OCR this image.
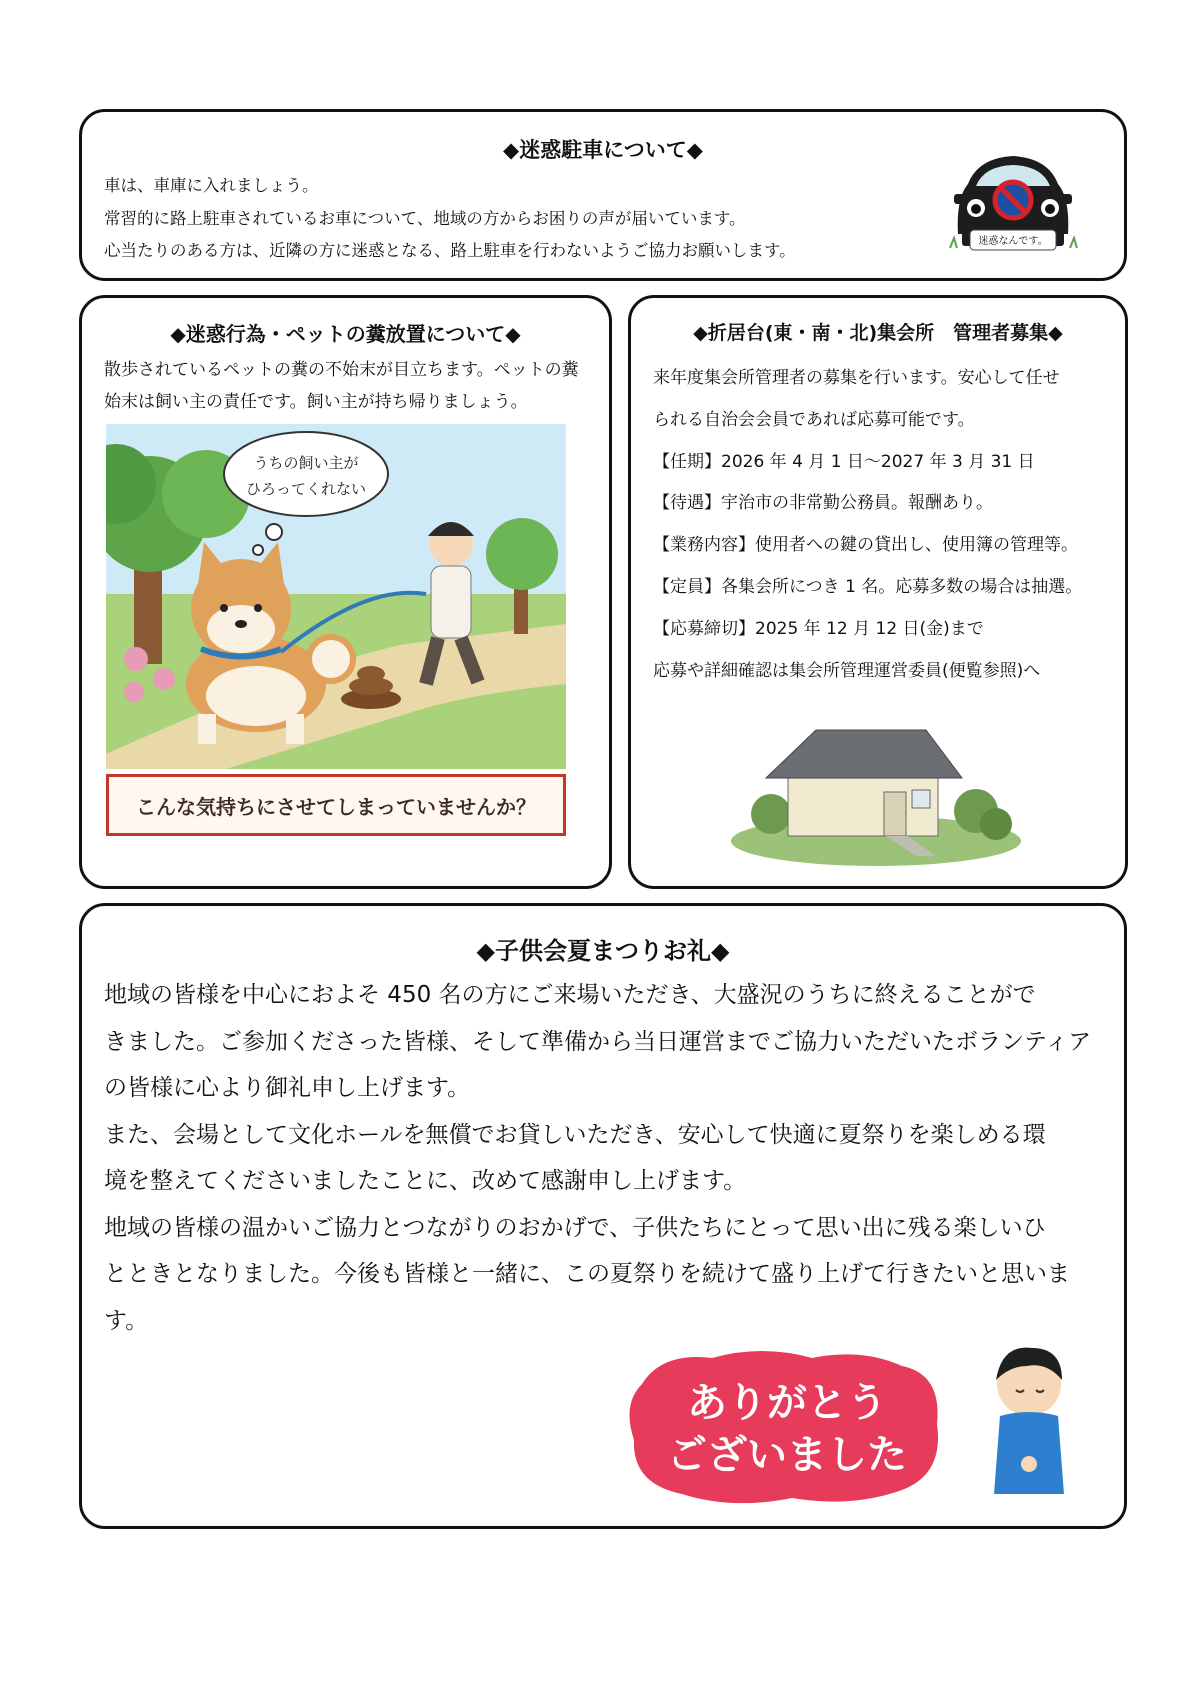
◆迷惑駐車について◆
車は、車庫に入れましょう。
常習的に路上駐車されているお車について、地域の方からお困りの声が届いています。
心当たりのある方は、近隣の方に迷惑となる、路上駐車を行わないようご協力お願いします。	迷惑なんです。
◆迷惑行為・ペットの糞放置について◆
散歩されているペットの糞の不始末が目立ちます。ペットの糞
始末は飼い主の責任です。飼い主が持ち帰りましょう。
うちの飼い主が
ひろってくれない
こんな気持ちにさせてしまっていませんか？
◆折居台(東・南・北)集会所　管理者募集◆
来年度集会所管理者の募集を行います。安心して任せ
られる自治会会員であれば応募可能です。
【任期】2026 年 4 月 1 日～2027 年 3 月 31 日
【待遇】宇治市の非常勤公務員。報酬あり。
【業務内容】使用者への鍵の貸出し、使用簿の管理等。
【定員】各集会所につき 1 名。応募多数の場合は抽選。
【応募締切】2025 年 12 月 12 日(金)まで
応募や詳細確認は集会所管理運営委員(便覧参照)へ
◆子供会夏まつりお礼◆
地域の皆様を中心におよそ 450 名の方にご来場いただき、大盛況のうちに終えることがで
きました。ご参加くださった皆様、そして準備から当日運営までご協力いただいたボランティア
の皆様に心より御礼申し上げます。
また、会場として文化ホールを無償でお貸しいただき、安心して快適に夏祭りを楽しめる環
境を整えてくださいましたことに、改めて感謝申し上げます。
地域の皆様の温かいご協力とつながりのおかげで、子供たちにとって思い出に残る楽しいひ
とときとなりました。今後も皆様と一緒に、この夏祭りを続けて盛り上げて行きたいと思いま
す。
ありがとう
ございました
